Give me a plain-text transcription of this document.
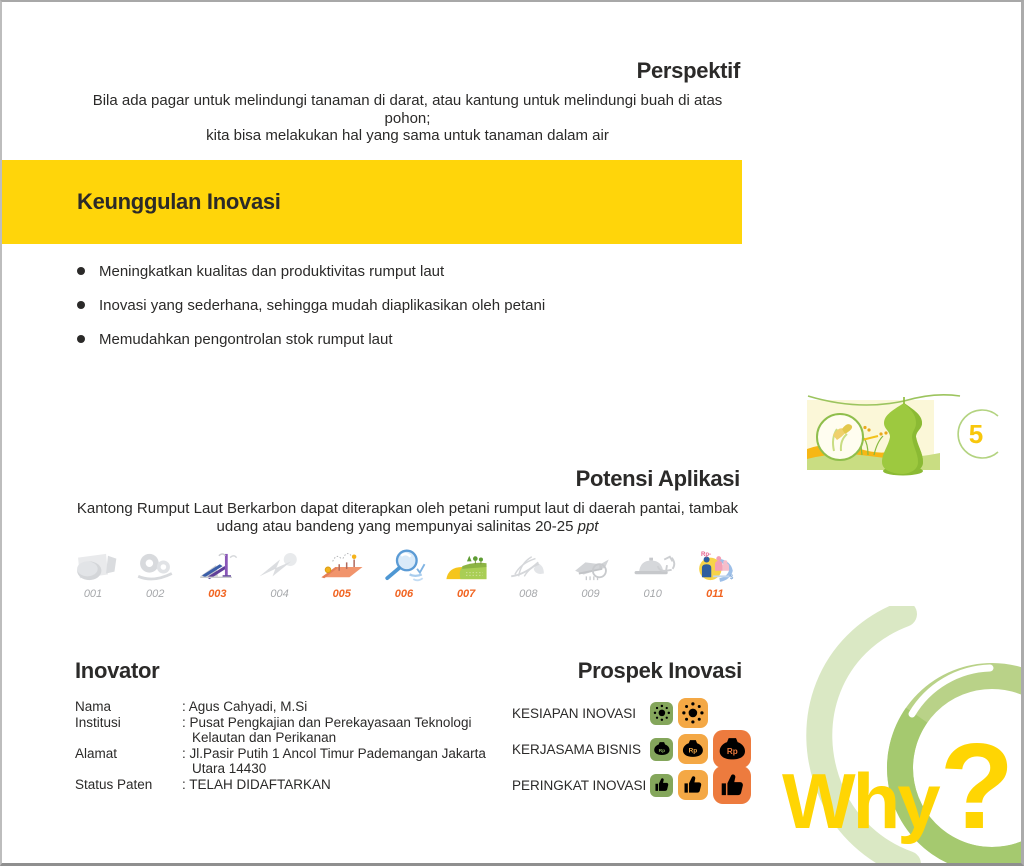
Perspektif
Bila ada pagar untuk melindungi tanaman di darat, atau kantung untuk melindungi buah di atas pohon;
kita bisa melakukan hal yang sama untuk tanaman dalam air
Keunggulan Inovasi
Meningkatkan kualitas dan produktivitas rumput laut
Inovasi yang sederhana, sehingga mudah diaplikasikan oleh petani
Memudahkan pengontrolan stok rumput laut
5
Potensi Aplikasi
Kantong Rumput Laut Berkarbon dapat diterapkan oleh petani rumput laut di daerah pantai, tambak
udang atau bandeng yang mempunyai salinitas 20-25 ppt
001	002	003	004	005	006	007	008	009	010
Rp-
$
011
Inovator
Nama	: Agus Cahyadi, M.Si
Institusi	: Pusat Pengkajian dan Perekayasaan Teknologi Kelautan dan Perikanan
Alamat	: Jl.Pasir Putih 1 Ancol Timur Pademangan Jakarta Utara 14430
Status Paten	: TELAH DIDAFTARKAN
Prospek Inovasi
KESIAPAN INOVASI
KERJASAMA BISNIS	Rp	Rp	Rp
PERINGKAT INOVASI Why ?
